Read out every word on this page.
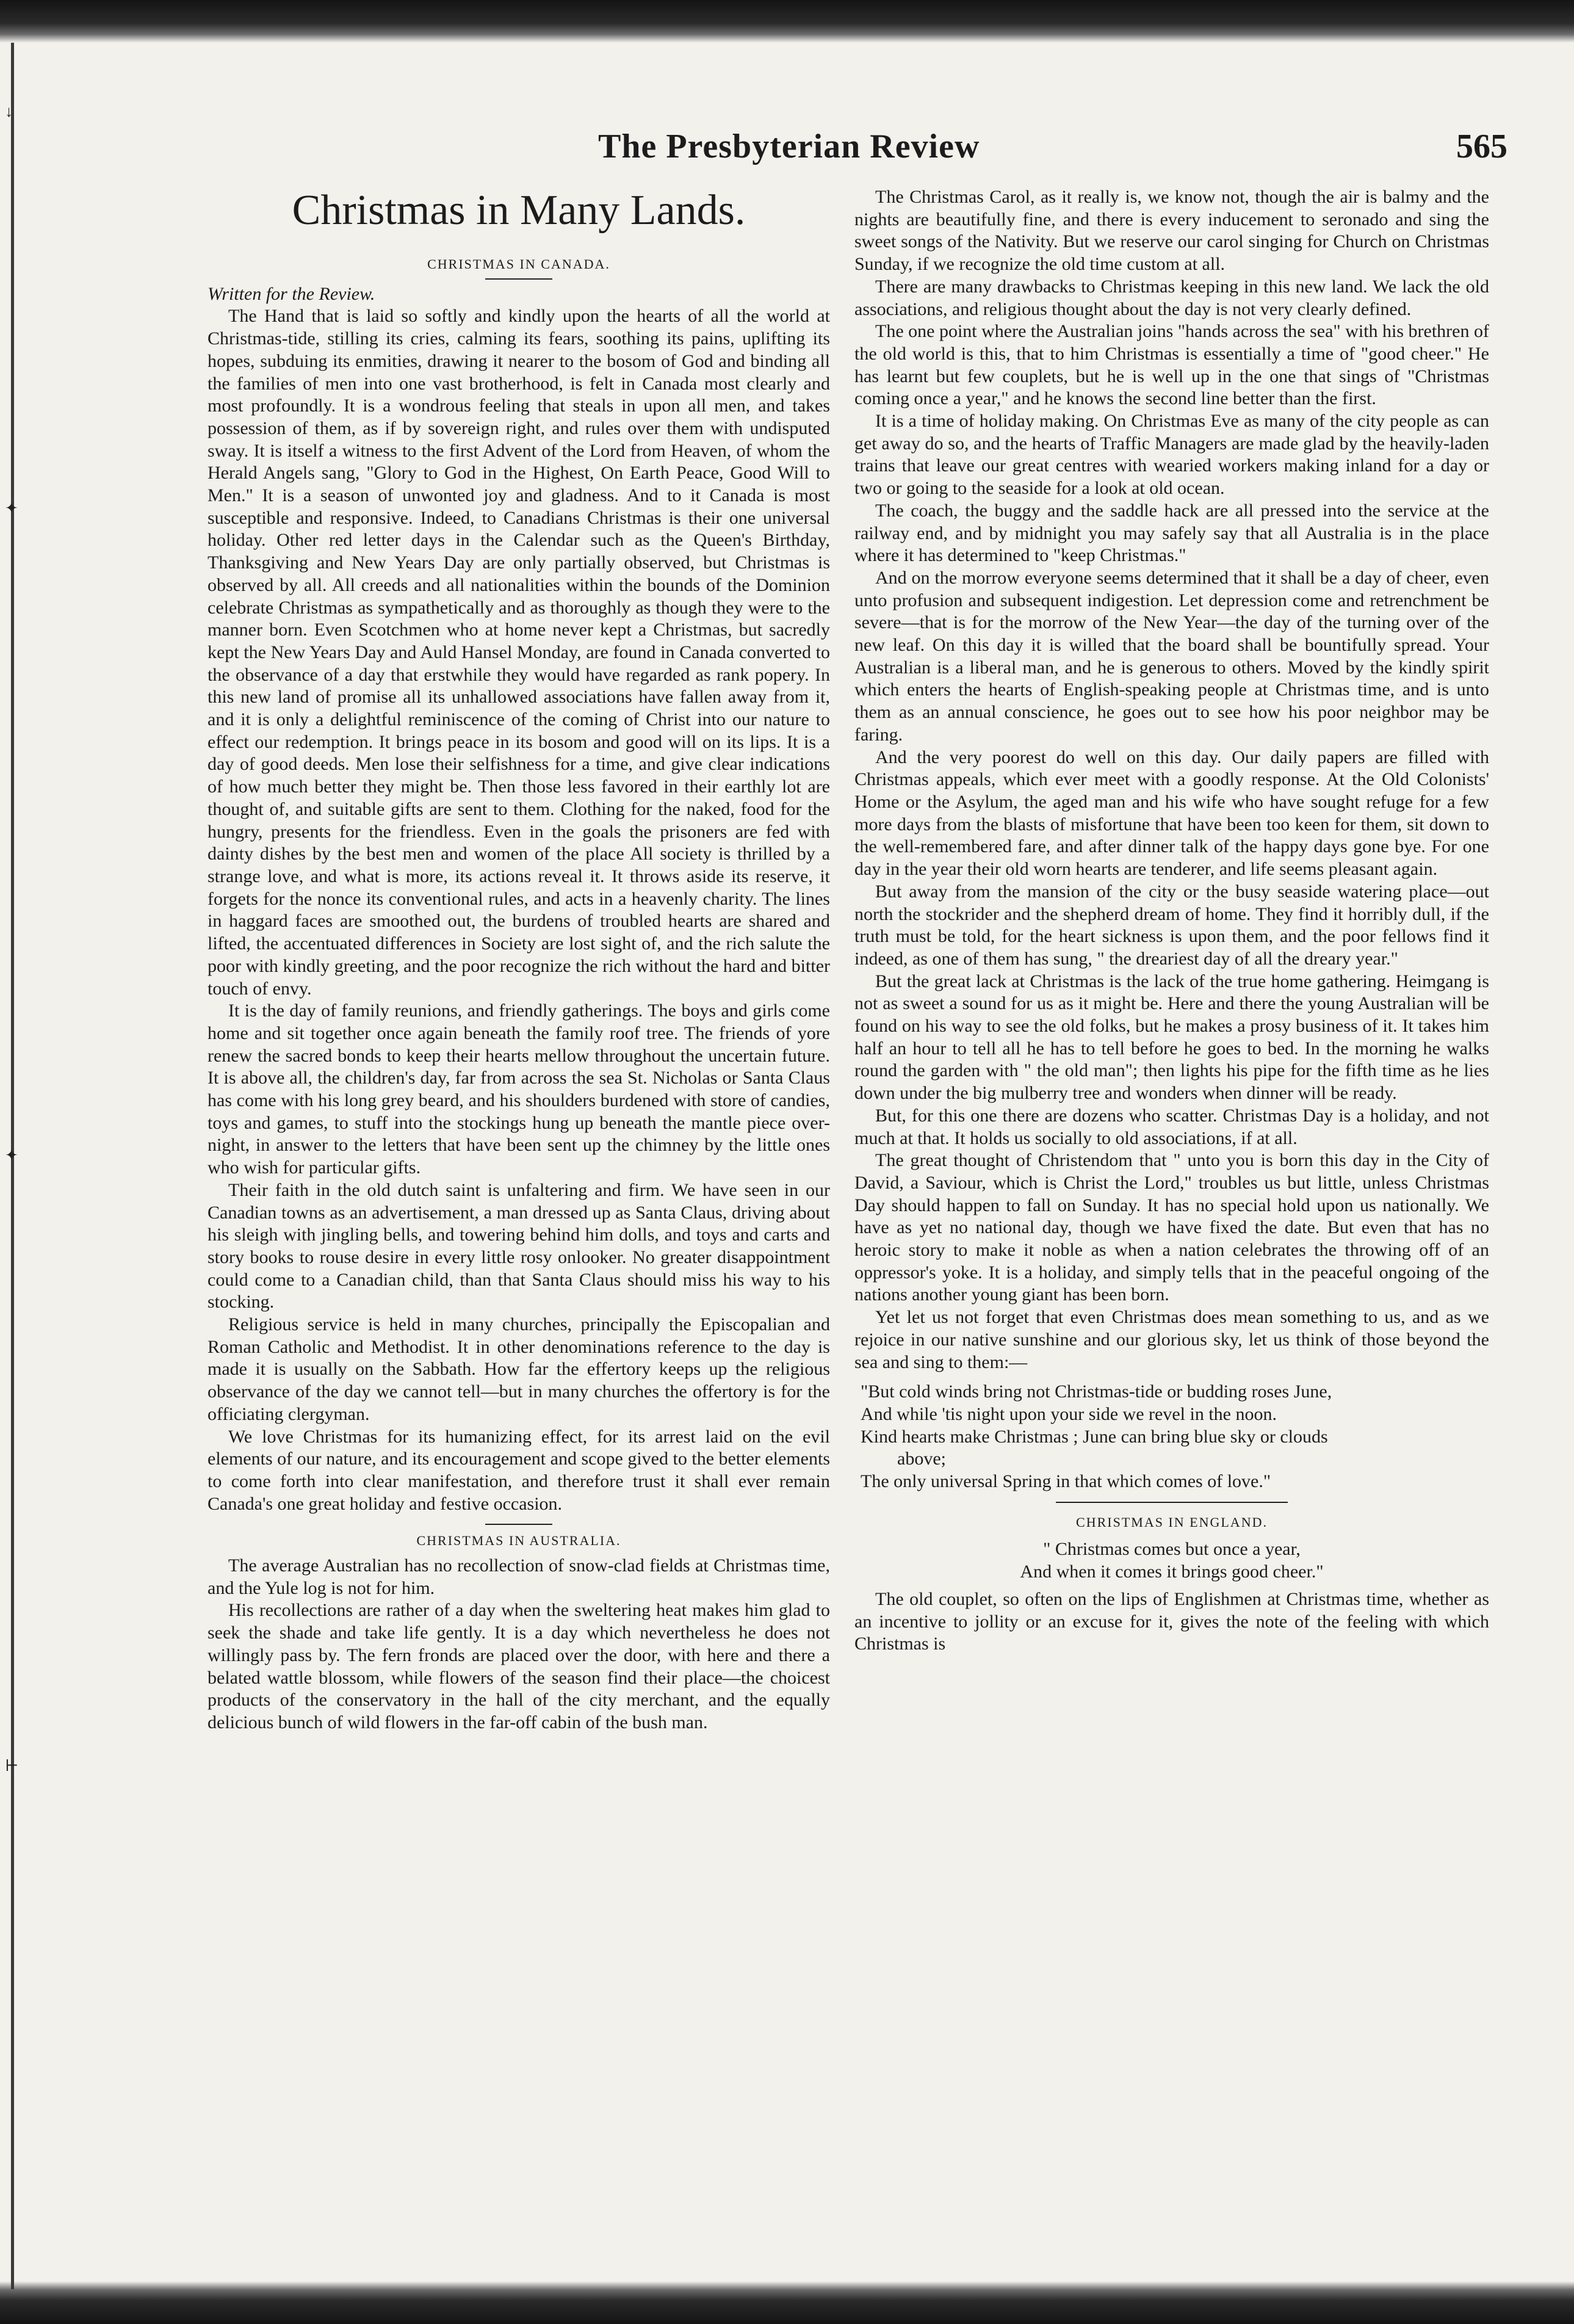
↓
✦
✦
⊢
The Presbyterian Review	565
Christmas in Many Lands.
CHRISTMAS IN CANADA.

Written for the Review.

The Hand that is laid so softly and kindly upon the hearts of all the world at Christmas-tide, stilling its cries, calming its fears, soothing its pains, uplifting its hopes, subduing its enmities, drawing it nearer to the bosom of God and binding all the families of men into one vast brotherhood, is felt in Canada most clearly and most profoundly. It is a wondrous feeling that steals in upon all men, and takes possession of them, as if by sovereign right, and rules over them with undisputed sway. It is itself a witness to the first Advent of the Lord from Heaven, of whom the Herald Angels sang, "Glory to God in the Highest, On Earth Peace, Good Will to Men." It is a season of unwonted joy and gladness. And to it Canada is most susceptible and responsive. Indeed, to Canadians Christmas is their one universal holiday. Other red letter days in the Calendar such as the Queen's Birthday, Thanksgiving and New Years Day are only partially observed, but Christmas is observed by all. All creeds and all nationalities within the bounds of the Dominion celebrate Christmas as sympathetically and as thoroughly as though they were to the manner born. Even Scotchmen who at home never kept a Christmas, but sacredly kept the New Years Day and Auld Hansel Monday, are found in Canada converted to the observance of a day that erstwhile they would have regarded as rank popery. In this new land of promise all its unhallowed associations have fallen away from it, and it is only a delightful reminiscence of the coming of Christ into our nature to effect our redemption. It brings peace in its bosom and good will on its lips. It is a day of good deeds. Men lose their selfishness for a time, and give clear indications of how much better they might be. Then those less favored in their earthly lot are thought of, and suitable gifts are sent to them. Clothing for the naked, food for the hungry, presents for the friendless. Even in the goals the prisoners are fed with dainty dishes by the best men and women of the place All society is thrilled by a strange love, and what is more, its actions reveal it. It throws aside its reserve, it forgets for the nonce its conventional rules, and acts in a heavenly charity. The lines in haggard faces are smoothed out, the burdens of troubled hearts are shared and lifted, the accentuated differences in Society are lost sight of, and the rich salute the poor with kindly greeting, and the poor recognize the rich without the hard and bitter touch of envy.

It is the day of family reunions, and friendly gatherings. The boys and girls come home and sit together once again beneath the family roof tree. The friends of yore renew the sacred bonds to keep their hearts mellow throughout the uncertain future. It is above all, the children's day, far from across the sea St. Nicholas or Santa Claus has come with his long grey beard, and his shoulders burdened with store of candies, toys and games, to stuff into the stockings hung up beneath the mantle piece over-night, in answer to the letters that have been sent up the chimney by the little ones who wish for particular gifts.

Their faith in the old dutch saint is unfaltering and firm. We have seen in our Canadian towns as an advertisement, a man dressed up as Santa Claus, driving about his sleigh with jingling bells, and towering behind him dolls, and toys and carts and story books to rouse desire in every little rosy onlooker. No greater disappointment could come to a Canadian child, than that Santa Claus should miss his way to his stocking.

Religious service is held in many churches, principally the Episcopalian and Roman Catholic and Methodist. It in other denominations reference to the day is made it is usually on the Sabbath. How far the effertory keeps up the religious observance of the day we cannot tell—but in many churches the offertory is for the officiating clergyman.

We love Christmas for its humanizing effect, for its arrest laid on the evil elements of our nature, and its encouragement and scope gived to the better elements to come forth into clear manifestation, and therefore trust it shall ever remain Canada's one great holiday and festive occasion.

CHRISTMAS IN AUSTRALIA.

The average Australian has no recollection of snow-clad fields at Christmas time, and the Yule log is not for him.

His recollections are rather of a day when the sweltering heat makes him glad to seek the shade and take life gently. It is a day which nevertheless he does not willingly pass by. The fern fronds are placed over the door, with here and there a belated wattle blossom, while flowers of the season find their place—the choicest products of the conservatory in the hall of the city merchant, and the equally delicious bunch of wild flowers in the far-off cabin of the bush man.

The Christmas Carol, as it really is, we know not, though the air is balmy and the nights are beautifully fine, and there is every inducement to seronado and sing the sweet songs of the Nativity. But we reserve our carol singing for Church on Christmas Sunday, if we recognize the old time custom at all.

There are many drawbacks to Christmas keeping in this new land. We lack the old associations, and religious thought about the day is not very clearly defined.

The one point where the Australian joins "hands across the sea" with his brethren of the old world is this, that to him Christmas is essentially a time of "good cheer." He has learnt but few couplets, but he is well up in the one that sings of "Christmas coming once a year," and he knows the second line better than the first.

It is a time of holiday making. On Christmas Eve as many of the city people as can get away do so, and the hearts of Traffic Managers are made glad by the heavily-laden trains that leave our great centres with wearied workers making inland for a day or two or going to the seaside for a look at old ocean.

The coach, the buggy and the saddle hack are all pressed into the service at the railway end, and by midnight you may safely say that all Australia is in the place where it has determined to "keep Christmas."

And on the morrow everyone seems determined that it shall be a day of cheer, even unto profusion and subsequent indigestion. Let depression come and retrenchment be severe—that is for the morrow of the New Year—the day of the turning over of the new leaf. On this day it is willed that the board shall be bountifully spread. Your Australian is a liberal man, and he is generous to others. Moved by the kindly spirit which enters the hearts of English-speaking people at Christmas time, and is unto them as an annual conscience, he goes out to see how his poor neighbor may be faring.

And the very poorest do well on this day. Our daily papers are filled with Christmas appeals, which ever meet with a goodly response. At the Old Colonists' Home or the Asylum, the aged man and his wife who have sought refuge for a few more days from the blasts of misfortune that have been too keen for them, sit down to the well-remembered fare, and after dinner talk of the happy days gone bye. For one day in the year their old worn hearts are tenderer, and life seems pleasant again.

But away from the mansion of the city or the busy seaside watering place—out north the stockrider and the shepherd dream of home. They find it horribly dull, if the truth must be told, for the heart sickness is upon them, and the poor fellows find it indeed, as one of them has sung, " the dreariest day of all the dreary year."

But the great lack at Christmas is the lack of the true home gathering. Heimgang is not as sweet a sound for us as it might be. Here and there the young Australian will be found on his way to see the old folks, but he makes a prosy business of it. It takes him half an hour to tell all he has to tell before he goes to bed. In the morning he walks round the garden with " the old man"; then lights his pipe for the fifth time as he lies down under the big mulberry tree and wonders when dinner will be ready.

But, for this one there are dozens who scatter. Christmas Day is a holiday, and not much at that. It holds us socially to old associations, if at all.

The great thought of Christendom that " unto you is born this day in the City of David, a Saviour, which is Christ the Lord," troubles us but little, unless Christmas Day should happen to fall on Sunday. It has no special hold upon us nationally. We have as yet no national day, though we have fixed the date. But even that has no heroic story to make it noble as when a nation celebrates the throwing off of an oppressor's yoke. It is a holiday, and simply tells that in the peaceful ongoing of the nations another young giant has been born.

Yet let us not forget that even Christmas does mean something to us, and as we rejoice in our native sunshine and our glorious sky, let us think of those beyond the sea and sing to them:—

"But cold winds bring not Christmas-tide or budding roses June,
And while 'tis night upon your side we revel in the noon.
Kind hearts make Christmas ; June can bring blue sky or clouds
above;
The only universal Spring in that which comes of love."
CHRISTMAS IN ENGLAND.
" Christmas comes but once a year,
And when it comes it brings good cheer."

The old couplet, so often on the lips of Englishmen at Christmas time, whether as an incentive to jollity or an excuse for it, gives the note of the feeling with which Christmas is
